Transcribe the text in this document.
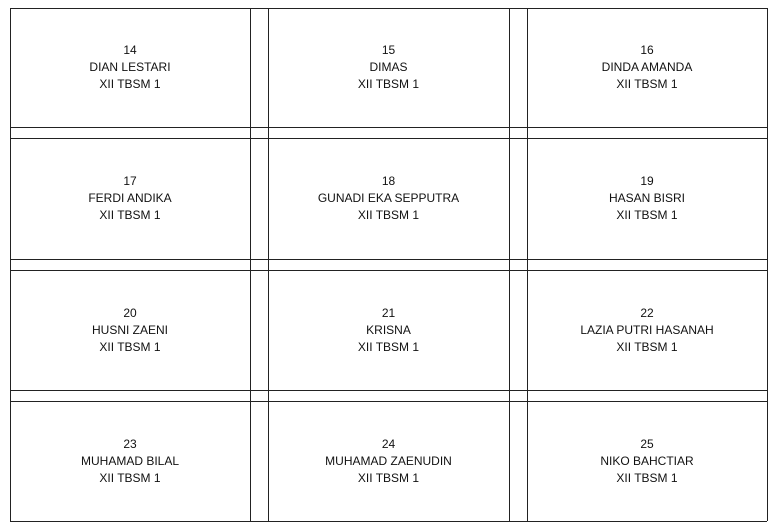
14
DIAN LESTARI
XII TBSM 1
15
DIMAS
XII TBSM 1
16
DINDA AMANDA
XII TBSM 1
17
FERDI ANDIKA
XII TBSM 1
18
GUNADI EKA SEPPUTRA
XII TBSM 1
19
HASAN BISRI
XII TBSM 1
20
HUSNI ZAENI
XII TBSM 1
21
KRISNA
XII TBSM 1
22
LAZIA PUTRI HASANAH
XII TBSM 1
23
MUHAMAD BILAL
XII TBSM 1
24
MUHAMAD ZAENUDIN
XII TBSM 1
25
NIKO BAHCTIAR
XII TBSM 1
